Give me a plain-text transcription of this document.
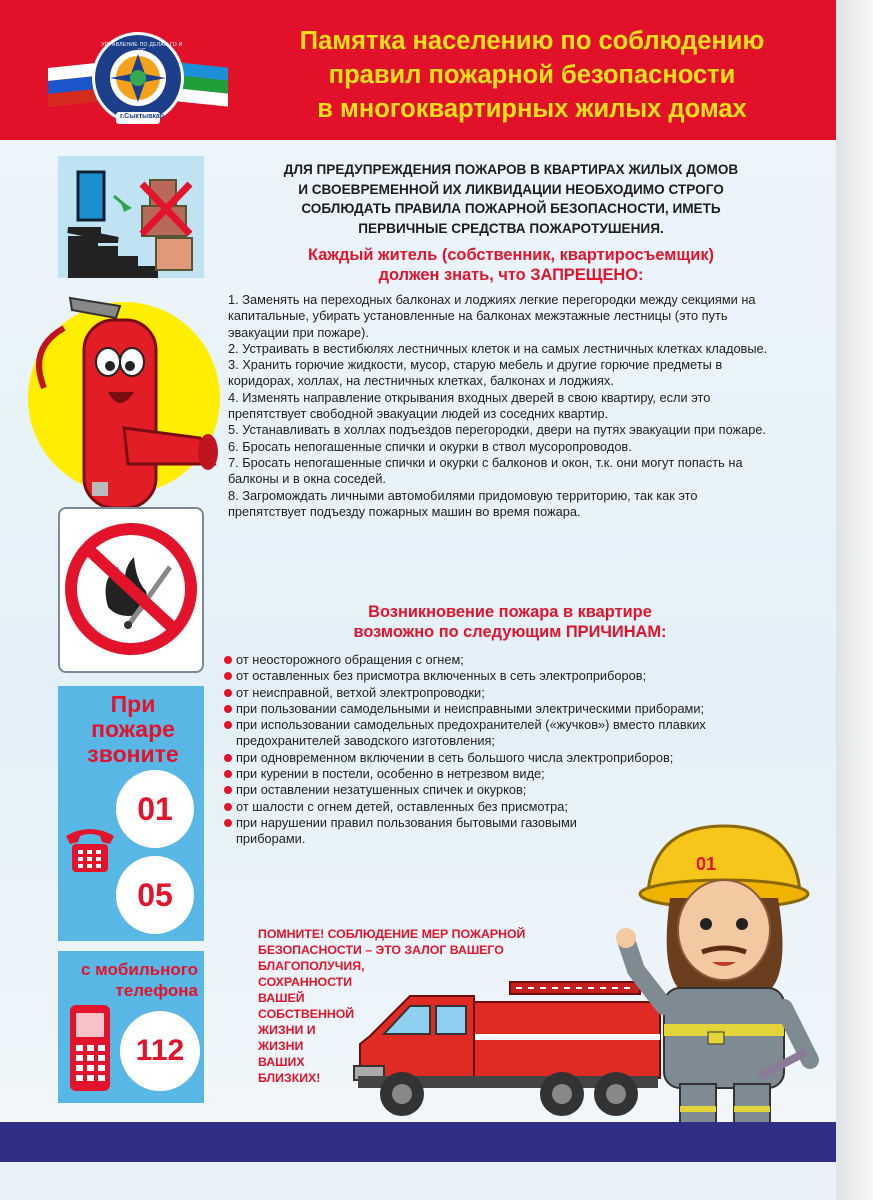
г.Сыктывкар
УПРАВЛЕНИЕ ПО ДЕЛАМ ГО И ЧС	Памятка населению по соблюдению
правил пожарной безопасности
в многоквартирных жилых домах

При
пожаре
звоните

01
05

с мобильного
телефона

112

ДЛЯ ПРЕДУПРЕЖДЕНИЯ ПОЖАРОВ В КВАРТИРАХ ЖИЛЫХ ДОМОВ
И СВОЕВРЕМЕННОЙ ИХ ЛИКВИДАЦИИ НЕОБХОДИМО СТРОГО
СОБЛЮДАТЬ ПРАВИЛА ПОЖАРНОЙ БЕЗОПАСНОСТИ, ИМЕТЬ
ПЕРВИЧНЫЕ СРЕДСТВА ПОЖАРОТУШЕНИЯ.

Каждый житель (собственник, квартиросъемщик)
должен знать, что ЗАПРЕЩЕНО:

1. Заменять на переходных балконах и лоджиях легкие перегородки между секциями на капитальные, убирать установленные на балконах межэтажные лестницы (это путь эвакуации при пожаре).
2. Устраивать в вестибюлях лестничных клеток и на самых лестничных клетках кладовые.
3. Хранить горючие жидкости, мусор, старую мебель и другие горючие предметы в коридорах, холлах, на лестничных клетках, балконах и лоджиях.
4. Изменять направление открывания входных дверей в свою квартиру, если это препятствует свободной эвакуации людей из соседних квартир.
5. Устанавливать в холлах подъездов перегородки, двери на путях эвакуации при пожаре.
6. Бросать непогашенные спички и окурки в ствол мусоропроводов.
7. Бросать непогашенные спички и окурки с балконов и окон, т.к. они могут попасть на балконы и в окна соседей.
8. Загромождать личными автомобилями придомовую территорию, так как это препятствует подъезду пожарных машин во время пожара.

Возникновение пожара в квартире
возможно по следующим ПРИЧИНАМ:

от неосторожного обращения с огнем;
от оставленных без присмотра включенных в сеть электроприборов;
от неисправной, ветхой электропроводки;
при пользовании самодельными и неисправными электрическими приборами;
при использовании самодельных предохранителей («жучков») вместо плавких предохранителей заводского изготовления;
при одновременном включении в сеть большого числа электроприборов;
при курении в постели, особенно в нетрезвом виде;
при оставлении незатушенных спичек и окурков;
от шалости с огнем детей, оставленных без присмотра;
при нарушении правил пользования бытовыми газовыми приборами.

ПОМНИТЕ! СОБЛЮДЕНИЕ МЕР ПОЖАРНОЙ
БЕЗОПАСНОСТИ – ЭТО ЗАЛОГ ВАШЕГО
БЛАГОПОЛУЧИЯ,
СОХРАННОСТИ
ВАШЕЙ
СОБСТВЕННОЙ
ЖИЗНИ И
ЖИЗНИ
ВАШИХ
БЛИЗКИХ!

01
